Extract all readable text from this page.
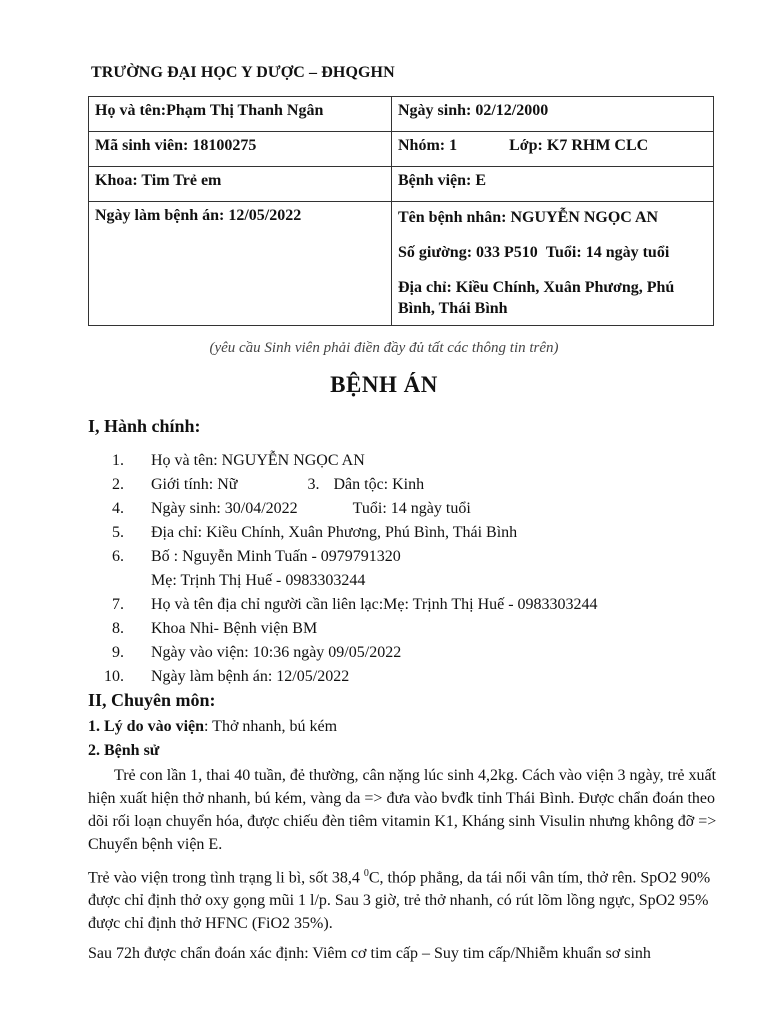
TRƯỜNG ĐẠI HỌC Y DƯỢC – ĐHQGHN
Họ và tên:Phạm Thị Thanh Ngân	Ngày sinh: 02/12/2000
Mã sinh viên: 18100275	Nhóm: 1 Lớp: K7 RHM CLC
Khoa: Tim Trẻ em	Bệnh viện: E
Ngày làm bệnh án: 12/05/2022	Tên bệnh nhân: NGUYỄN NGỌC AN

Số giường: 033 P510 Tuổi: 14 ngày tuổi

Địa chỉ: Kiều Chính, Xuân Phương, Phú Bình, Thái Bình

(yêu cầu Sinh viên phải điền đầy đủ tất các thông tin trên)
BỆNH ÁN
I, Hành chính:
1. Họ và tên: NGUYỄN NGỌC AN
2. Giới tính: Nữ	3. Dân tộc: Kinh
4. Ngày sinh: 30/04/2022	Tuổi: 14 ngày tuổi
5. Địa chỉ: Kiều Chính, Xuân Phương, Phú Bình, Thái Bình
6. Bố : Nguyễn Minh Tuấn - 0979791320
Mẹ: Trịnh Thị Huế - 0983303244
7. Họ và tên địa chỉ người cần liên lạc:Mẹ: Trịnh Thị Huế - 0983303244
8. Khoa Nhi- Bệnh viện BM
9. Ngày vào viện: 10:36 ngày 09/05/2022
10. Ngày làm bệnh án: 12/05/2022
II, Chuyên môn:
1. Lý do vào viện: Thở nhanh, bú kém
2. Bệnh sử

Trẻ con lần 1, thai 40 tuần, đẻ thường, cân nặng lúc sinh 4,2kg. Cách vào viện 3 ngày, trẻ xuất hiện xuất hiện thở nhanh, bú kém, vàng da => đưa vào bvđk tỉnh Thái Bình. Được chẩn đoán theo dõi rối loạn chuyển hóa, được chiếu đèn tiêm vitamin K1, Kháng sinh Visulin nhưng không đỡ => Chuyển bệnh viện E.

Trẻ vào viện trong tình trạng li bì, sốt 38,4 $^0$C, thóp phẳng, da tái nổi vân tím, thở rên. SpO2 90% được chỉ định thở oxy gọng mũi 1 l/p. Sau 3 giờ, trẻ thở nhanh, có rút lõm lồng ngực, SpO2 95% được chỉ định thở HFNC (FiO2 35%).

Sau 72h được chẩn đoán xác định: Viêm cơ tim cấp – Suy tim cấp/Nhiễm khuẩn sơ sinh
